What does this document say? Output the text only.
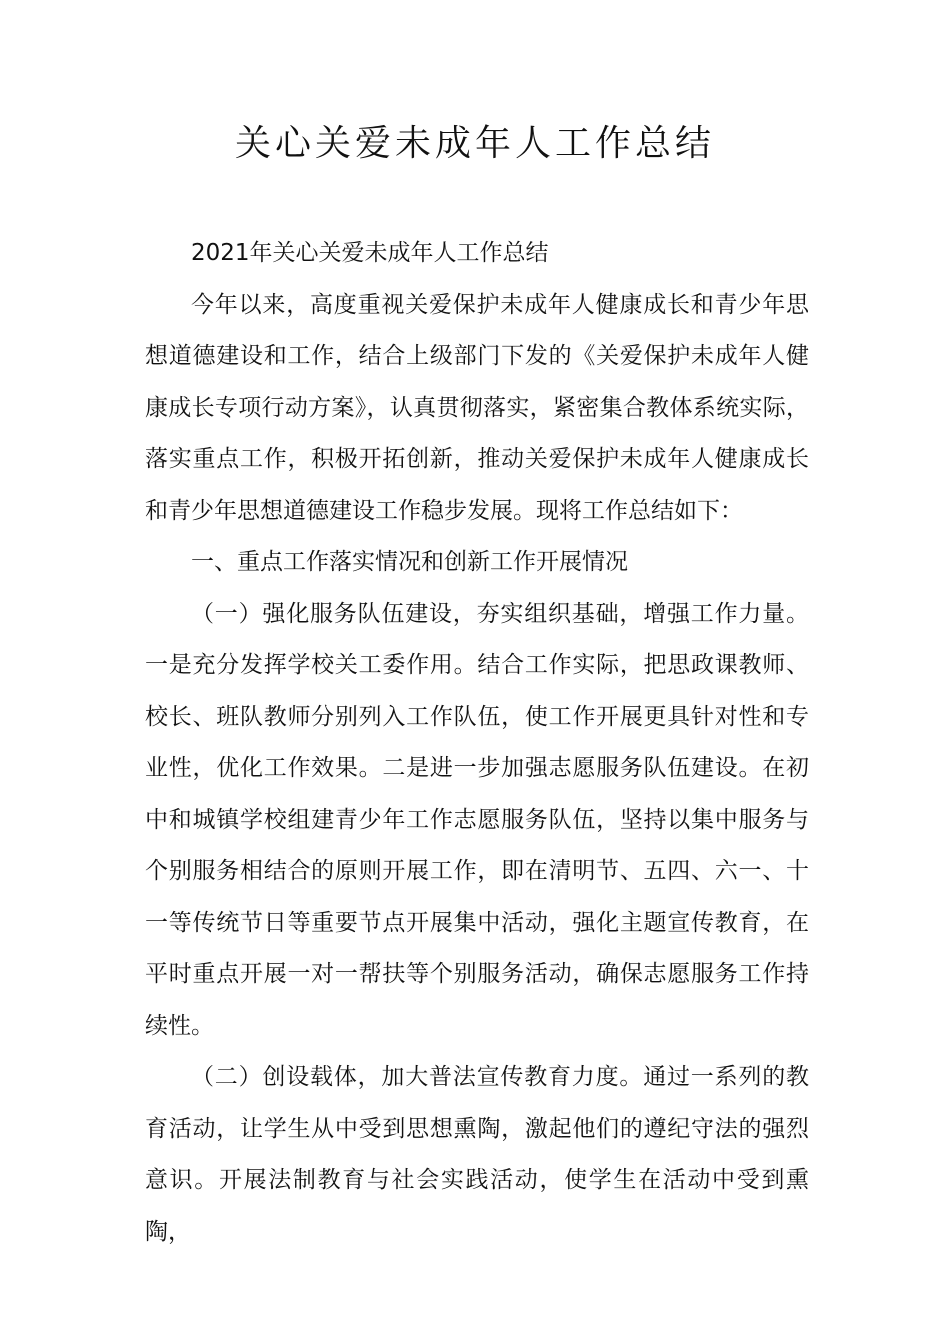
关心关爱未成年人工作总结

2021年关心关爱未成年人工作总结

今年以来，高度重视关爱保护未成年人健康成长和青少年思想道德建设和工作，结合上级部门下发的《关爱保护未成年人健康成长专项行动方案》，认真贯彻落实，紧密集合教体系统实际，落实重点工作，积极开拓创新，推动关爱保护未成年人健康成长和青少年思想道德建设工作稳步发展。现将工作总结如下：

一、重点工作落实情况和创新工作开展情况

（一）强化服务队伍建设，夯实组织基础，增强工作力量。一是充分发挥学校关工委作用。结合工作实际，把思政课教师、校长、班队教师分别列入工作队伍，使工作开展更具针对性和专业性，优化工作效果。二是进一步加强志愿服务队伍建设。在初中和城镇学校组建青少年工作志愿服务队伍，坚持以集中服务与个别服务相结合的原则开展工作，即在清明节、五四、六一、十一等传统节日等重要节点开展集中活动，强化主题宣传教育，在平时重点开展一对一帮扶等个别服务活动，确保志愿服务工作持续性。

（二）创设载体，加大普法宣传教育力度。通过一系列的教育活动，让学生从中受到思想熏陶，激起他们的遵纪守法的强烈意识。开展法制教育与社会实践活动，使学生在活动中受到熏陶，
